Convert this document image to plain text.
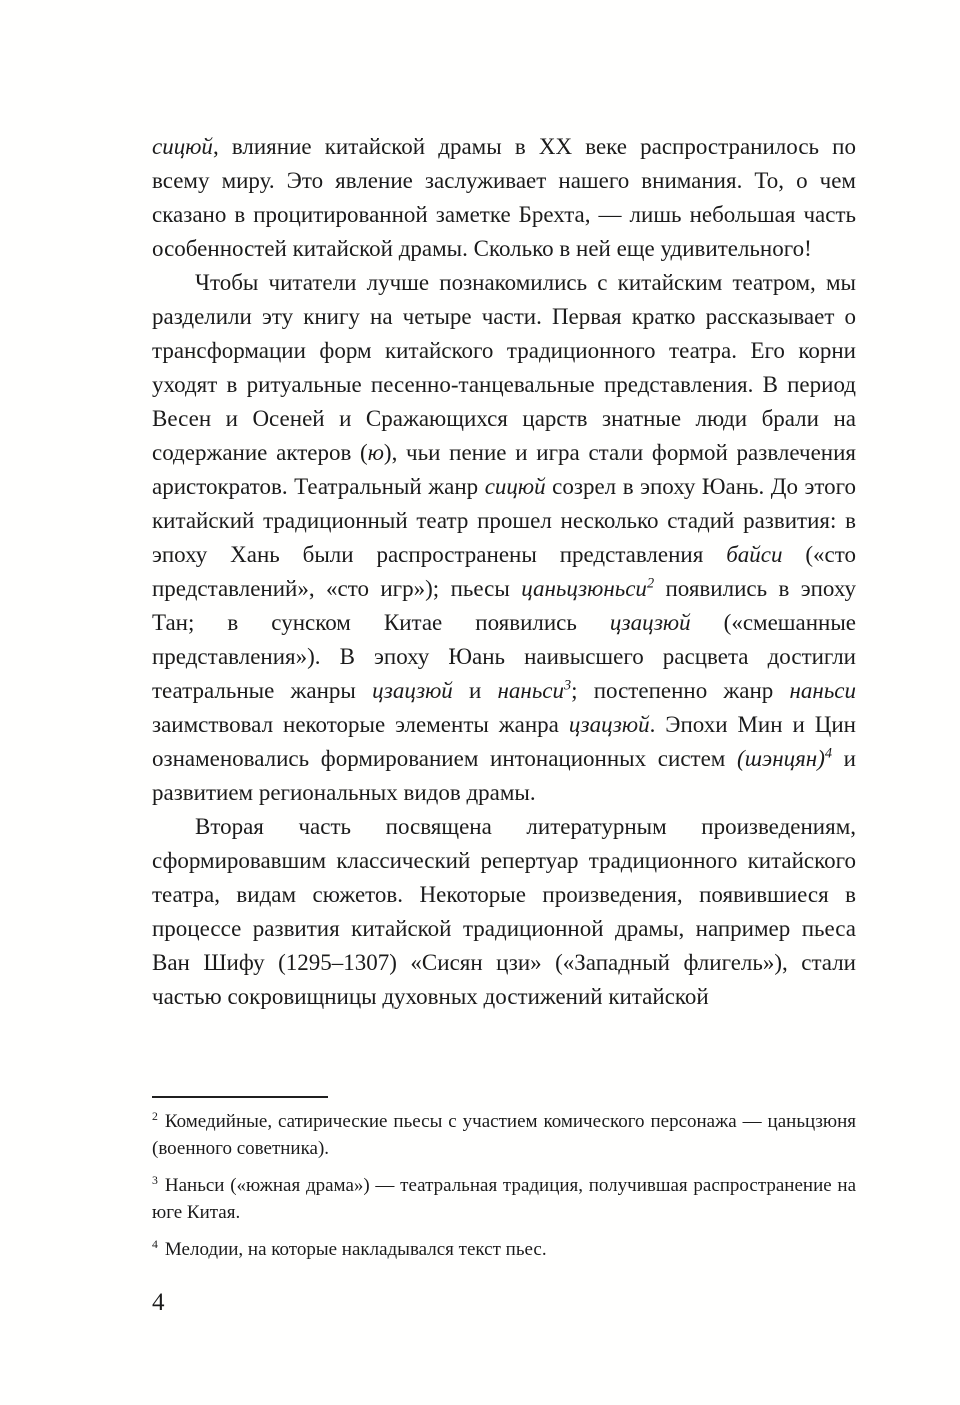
сицюй, влияние китайской драмы в XX веке распространилось по всему миру. Это явление заслуживает нашего внимания. То, о чем сказано в процитированной заметке Брехта, — лишь небольшая часть особенностей китайской драмы. Сколько в ней еще удивительного!

Чтобы читатели лучше познакомились с китайским театром, мы разделили эту книгу на четыре части. Первая кратко рассказывает о трансформации форм китайского традиционного театра. Его корни уходят в ритуальные песенно-танцевальные представления. В период Весен и Осеней и Сражающихся царств знатные люди брали на содержание актеров (ю), чьи пение и игра стали формой развлечения аристократов. Театральный жанр сицюй созрел в эпоху Юань. До этого китайский традиционный театр прошел несколько стадий развития: в эпоху Хань были распространены представления байси («сто представлений», «сто игр»); пьесы цаньцзюньси$^2$ появились в эпоху Тан; в сунском Китае появились цзацзюй («смешанные представления»). В эпоху Юань наивысшего расцвета достигли театральные жанры цзацзюй и наньси$^3$; постепенно жанр наньси заимствовал некоторые элементы жанра цзацзюй. Эпохи Мин и Цин ознаменовались формированием интонационных систем (шэнцян)$^4$ и развитием региональных видов драмы.

Вторая часть посвящена литературным произведениям, сформировавшим классический репертуар традиционного китайского театра, видам сюжетов. Некоторые произведения, появившиеся в процессе развития китайской традиционной драмы, например пьеса Ван Шифу (1295–1307) «Сисян цзи» («Западный флигель»), стали частью сокровищницы духовных достижений китайской

$^2$ Комедийные, сатирические пьесы с участием комического персонажа — цаньцзюня (военного советника).

$^3$ Наньси («южная драма») — театральная традиция, получившая распространение на юге Китая.

$^4$ Мелодии, на которые накладывался текст пьес.

4
